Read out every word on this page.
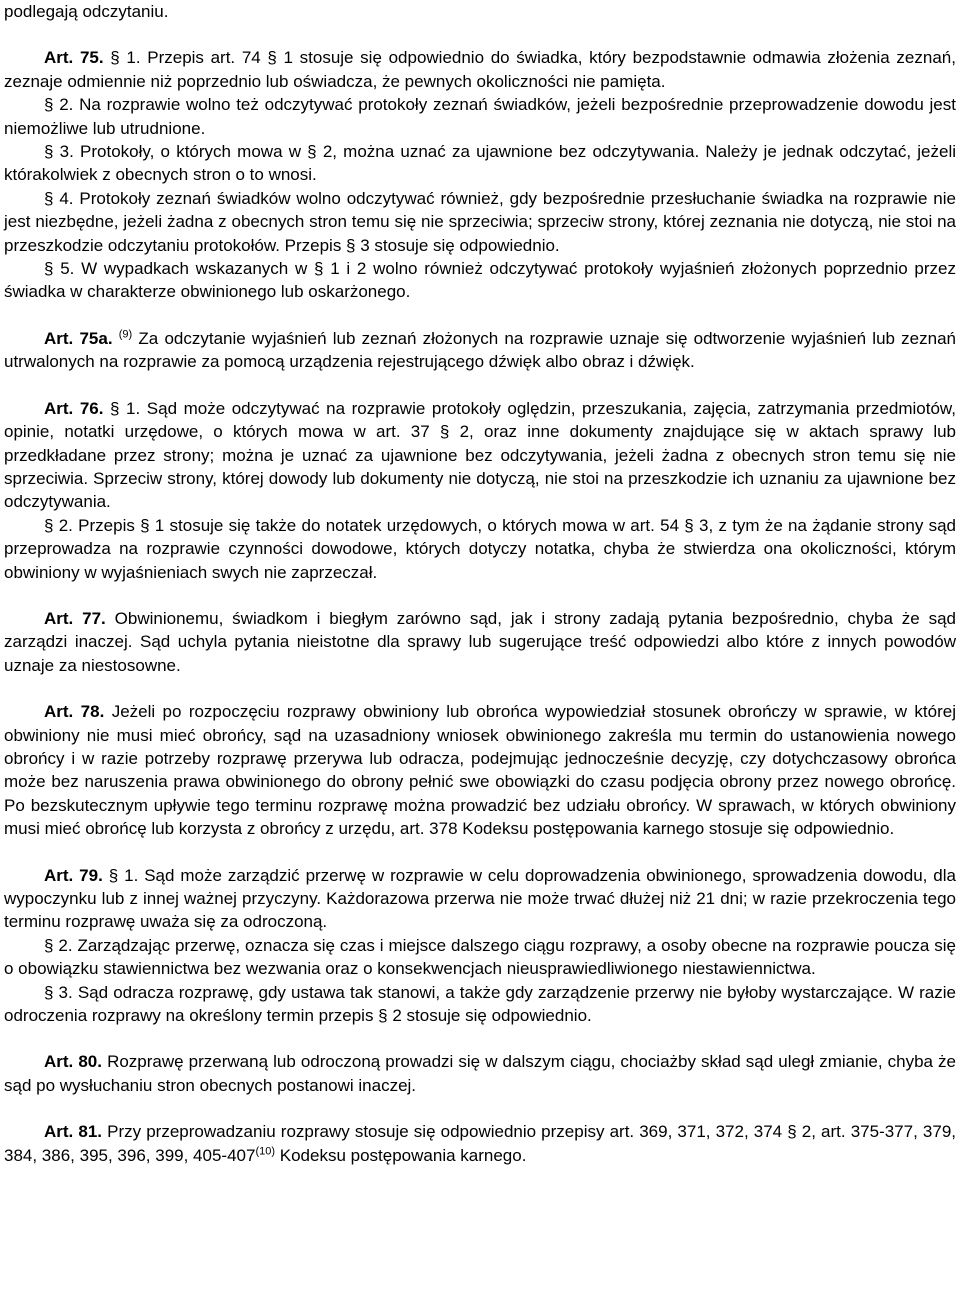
podlegają odczytaniu.

Art. 75. § 1. Przepis art. 74 § 1 stosuje się odpowiednio do świadka, który bezpodstawnie odmawia złożenia zeznań, zeznaje odmiennie niż poprzednio lub oświadcza, że pewnych okoliczności nie pamięta.

§ 2. Na rozprawie wolno też odczytywać protokoły zeznań świadków, jeżeli bezpośrednie przeprowadzenie dowodu jest niemożliwe lub utrudnione.

§ 3. Protokoły, o których mowa w § 2, można uznać za ujawnione bez odczytywania. Należy je jednak odczytać, jeżeli którakolwiek z obecnych stron o to wnosi.

§ 4. Protokoły zeznań świadków wolno odczytywać również, gdy bezpośrednie przesłuchanie świadka na rozprawie nie jest niezbędne, jeżeli żadna z obecnych stron temu się nie sprzeciwia; sprzeciw strony, której zeznania nie dotyczą, nie stoi na przeszkodzie odczytaniu protokołów. Przepis § 3 stosuje się odpowiednio.

§ 5. W wypadkach wskazanych w § 1 i 2 wolno również odczytywać protokoły wyjaśnień złożonych poprzednio przez świadka w charakterze obwinionego lub oskarżonego.

Art. 75a. $^{(9)}$ Za odczytanie wyjaśnień lub zeznań złożonych na rozprawie uznaje się odtworzenie wyjaśnień lub zeznań utrwalonych na rozprawie za pomocą urządzenia rejestrującego dźwięk albo obraz i dźwięk.

Art. 76. § 1. Sąd może odczytywać na rozprawie protokoły oględzin, przeszukania, zajęcia, zatrzymania przedmiotów, opinie, notatki urzędowe, o których mowa w art. 37 § 2, oraz inne dokumenty znajdujące się w aktach sprawy lub przedkładane przez strony; można je uznać za ujawnione bez odczytywania, jeżeli żadna z obecnych stron temu się nie sprzeciwia. Sprzeciw strony, której dowody lub dokumenty nie dotyczą, nie stoi na przeszkodzie ich uznaniu za ujawnione bez odczytywania.

§ 2. Przepis § 1 stosuje się także do notatek urzędowych, o których mowa w art. 54 § 3, z tym że na żądanie strony sąd przeprowadza na rozprawie czynności dowodowe, których dotyczy notatka, chyba że stwierdza ona okoliczności, którym obwiniony w wyjaśnieniach swych nie zaprzeczał.

Art. 77. Obwinionemu, świadkom i biegłym zarówno sąd, jak i strony zadają pytania bezpośrednio, chyba że sąd zarządzi inaczej. Sąd uchyla pytania nieistotne dla sprawy lub sugerujące treść odpowiedzi albo które z innych powodów uznaje za niestosowne.

Art. 78. Jeżeli po rozpoczęciu rozprawy obwiniony lub obrońca wypowiedział stosunek obrończy w sprawie, w której obwiniony nie musi mieć obrońcy, sąd na uzasadniony wniosek obwinionego zakreśla mu termin do ustanowienia nowego obrońcy i w razie potrzeby rozprawę przerywa lub odracza, podejmując jednocześnie decyzję, czy dotychczasowy obrońca może bez naruszenia prawa obwinionego do obrony pełnić swe obowiązki do czasu podjęcia obrony przez nowego obrońcę. Po bezskutecznym upływie tego terminu rozprawę można prowadzić bez udziału obrońcy. W sprawach, w których obwiniony musi mieć obrońcę lub korzysta z obrońcy z urzędu, art. 378 Kodeksu postępowania karnego stosuje się odpowiednio.

Art. 79. § 1. Sąd może zarządzić przerwę w rozprawie w celu doprowadzenia obwinionego, sprowadzenia dowodu, dla wypoczynku lub z innej ważnej przyczyny. Każdorazowa przerwa nie może trwać dłużej niż 21 dni; w razie przekroczenia tego terminu rozprawę uważa się za odroczoną.

§ 2. Zarządzając przerwę, oznacza się czas i miejsce dalszego ciągu rozprawy, a osoby obecne na rozprawie poucza się o obowiązku stawiennictwa bez wezwania oraz o konsekwencjach nieusprawiedliwionego niestawiennictwa.

§ 3. Sąd odracza rozprawę, gdy ustawa tak stanowi, a także gdy zarządzenie przerwy nie byłoby wystarczające. W razie odroczenia rozprawy na określony termin przepis § 2 stosuje się odpowiednio.

Art. 80. Rozprawę przerwaną lub odroczoną prowadzi się w dalszym ciągu, chociażby skład sąd uległ zmianie, chyba że sąd po wysłuchaniu stron obecnych postanowi inaczej.

Art. 81. Przy przeprowadzaniu rozprawy stosuje się odpowiednio przepisy art. 369, 371, 372, 374 § 2, art. 375-377, 379, 384, 386, 395, 396, 399, 405-407$^{(10)}$ Kodeksu postępowania karnego.
